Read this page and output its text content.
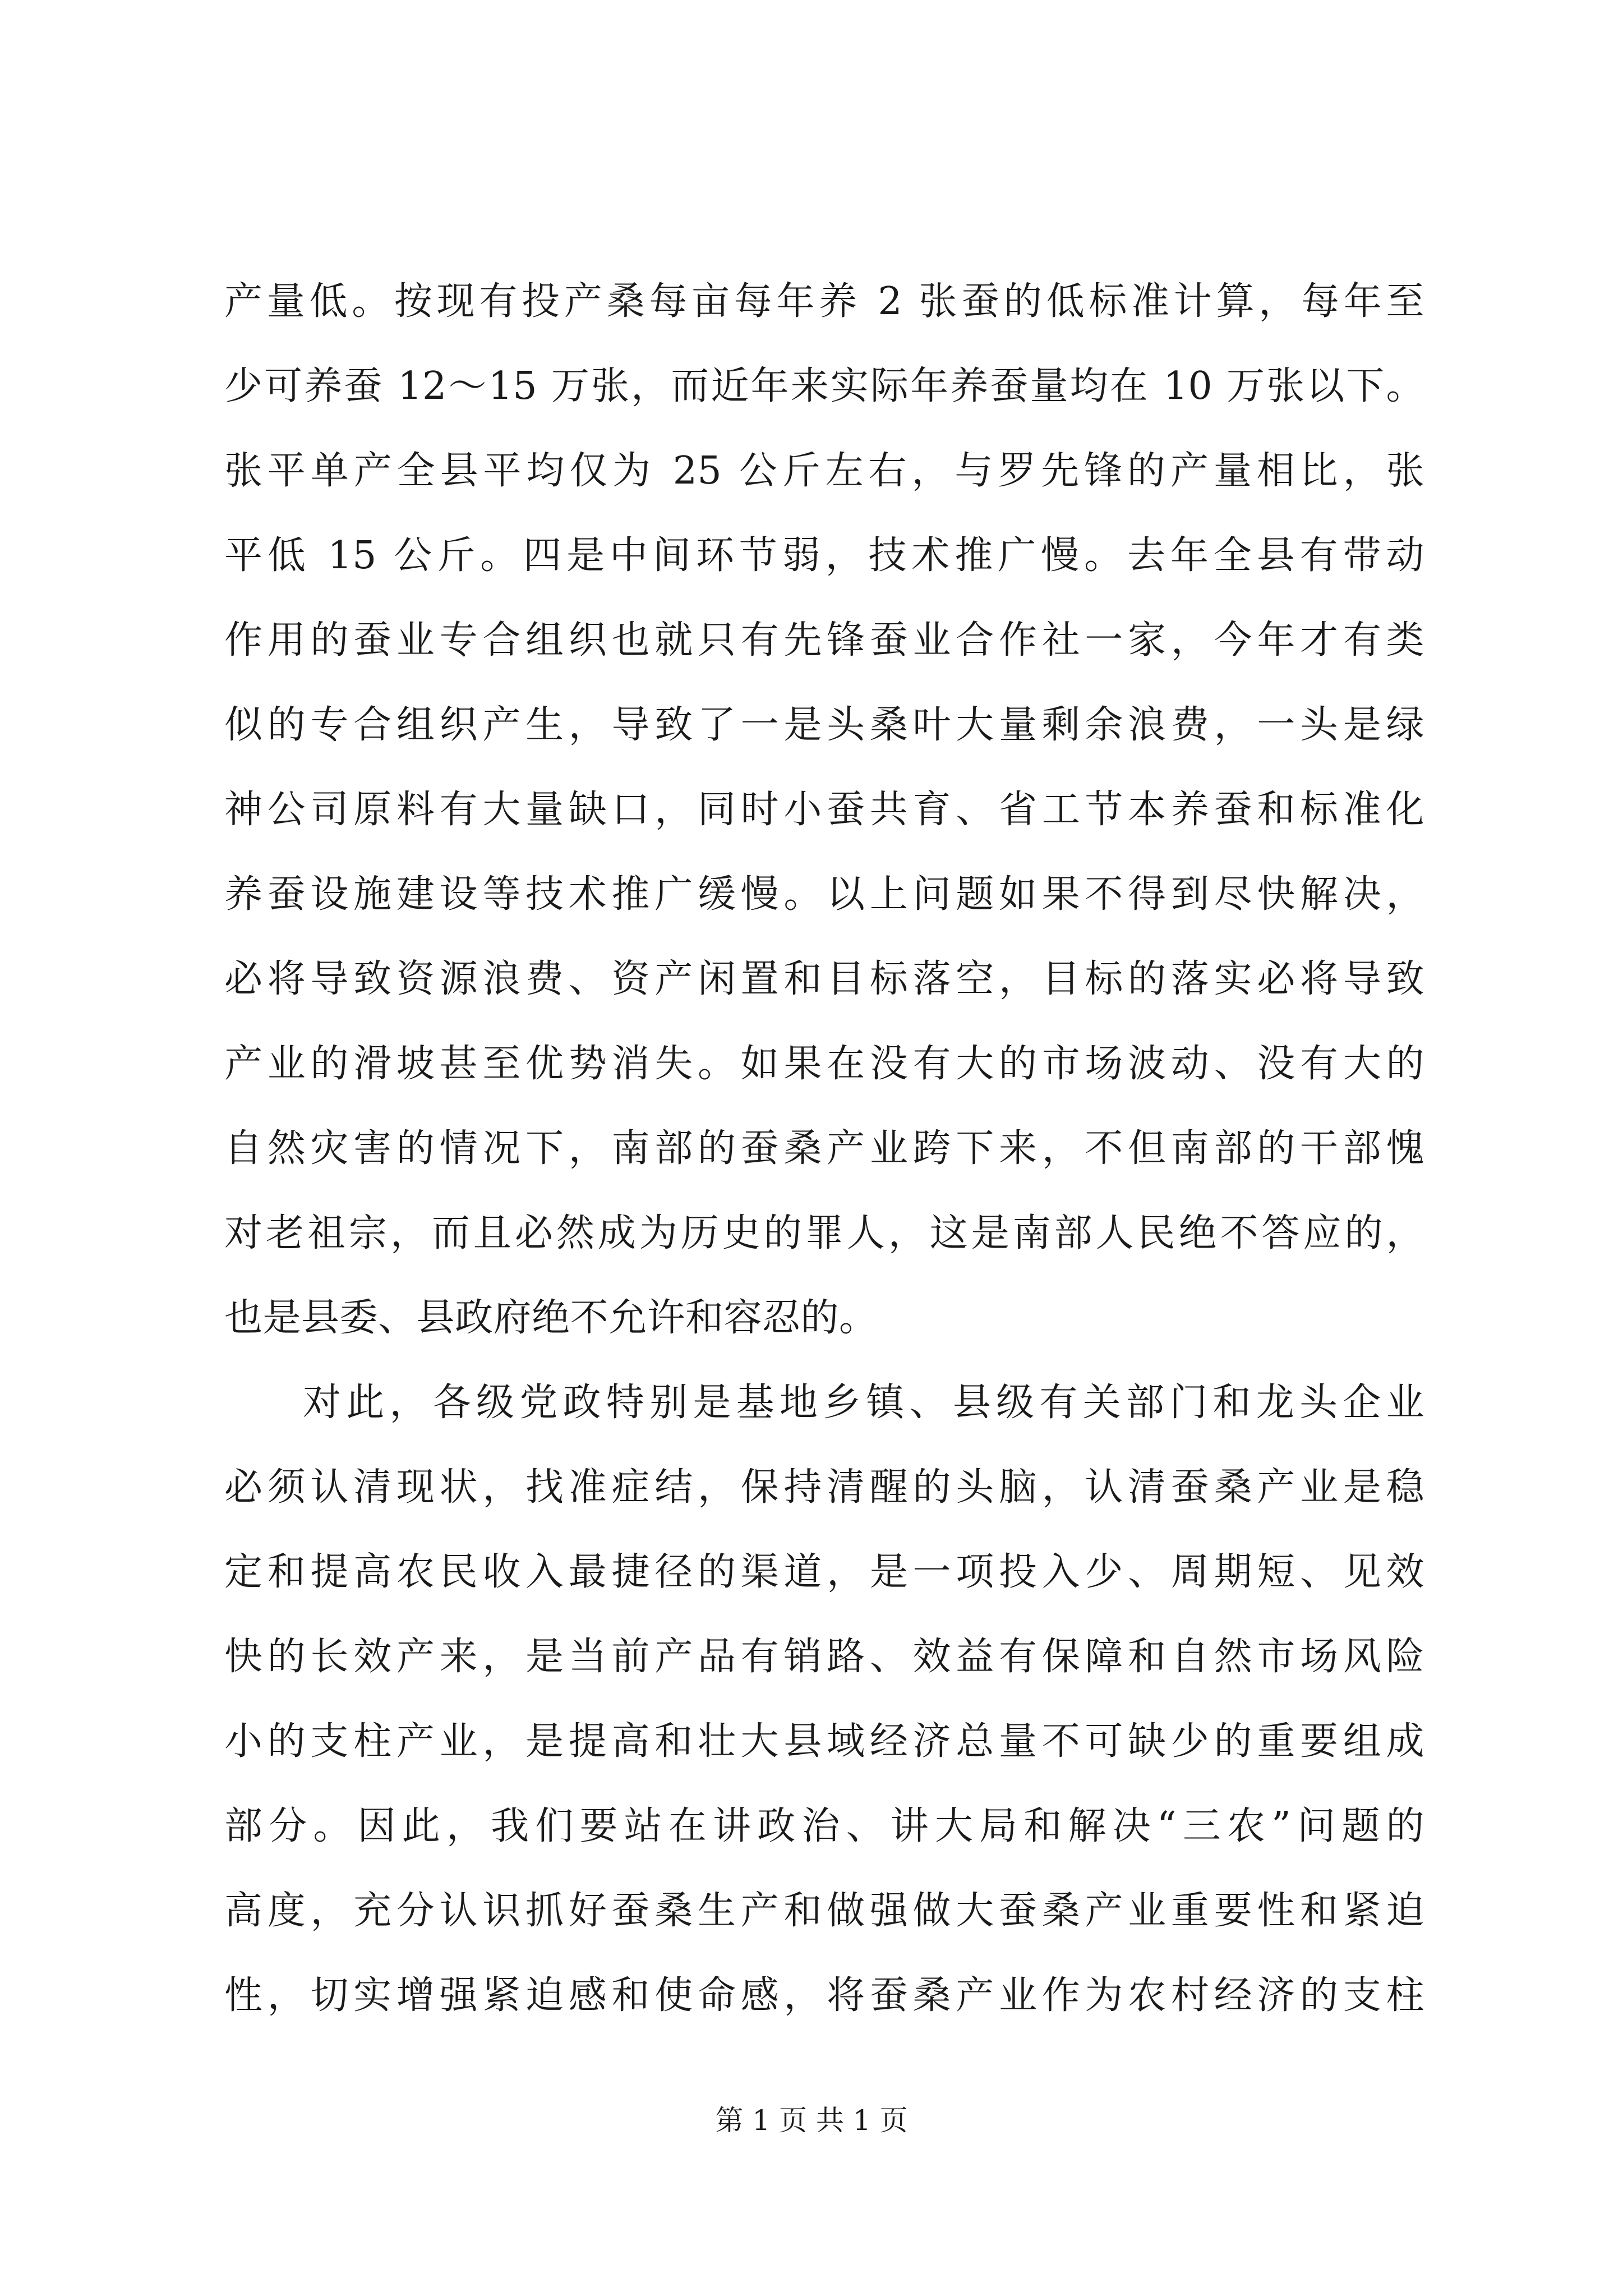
产量低。按现有投产桑每亩每年养 2 张蚕的低标准计算，每年至
少可养蚕 12～15 万张，而近年来实际年养蚕量均在 10 万张以下。
张平单产全县平均仅为 25 公斤左右，与罗先锋的产量相比，张
平低 15 公斤。四是中间环节弱，技术推广慢。去年全县有带动
作用的蚕业专合组织也就只有先锋蚕业合作社一家，今年才有类
似的专合组织产生，导致了一是头桑叶大量剩余浪费，一头是绿
神公司原料有大量缺口，同时小蚕共育、省工节本养蚕和标准化
养蚕设施建设等技术推广缓慢。以上问题如果不得到尽快解决，
必将导致资源浪费、资产闲置和目标落空，目标的落实必将导致
产业的滑坡甚至优势消失。如果在没有大的市场波动、没有大的
自然灾害的情况下，南部的蚕桑产业跨下来，不但南部的干部愧
对老祖宗，而且必然成为历史的罪人，这是南部人民绝不答应的，
也是县委、县政府绝不允许和容忍的。
对此，各级党政特别是基地乡镇、县级有关部门和龙头企业
必须认清现状，找准症结，保持清醒的头脑，认清蚕桑产业是稳
定和提高农民收入最捷径的渠道，是一项投入少、周期短、见效
快的长效产来，是当前产品有销路、效益有保障和自然市场风险
小的支柱产业，是提高和壮大县域经济总量不可缺少的重要组成
部分。因此，我们要站在讲政治、讲大局和解决“三农”问题的
高度，充分认识抓好蚕桑生产和做强做大蚕桑产业重要性和紧迫
性，切实增强紧迫感和使命感，将蚕桑产业作为农村经济的支柱
第 1 页 共 1 页
